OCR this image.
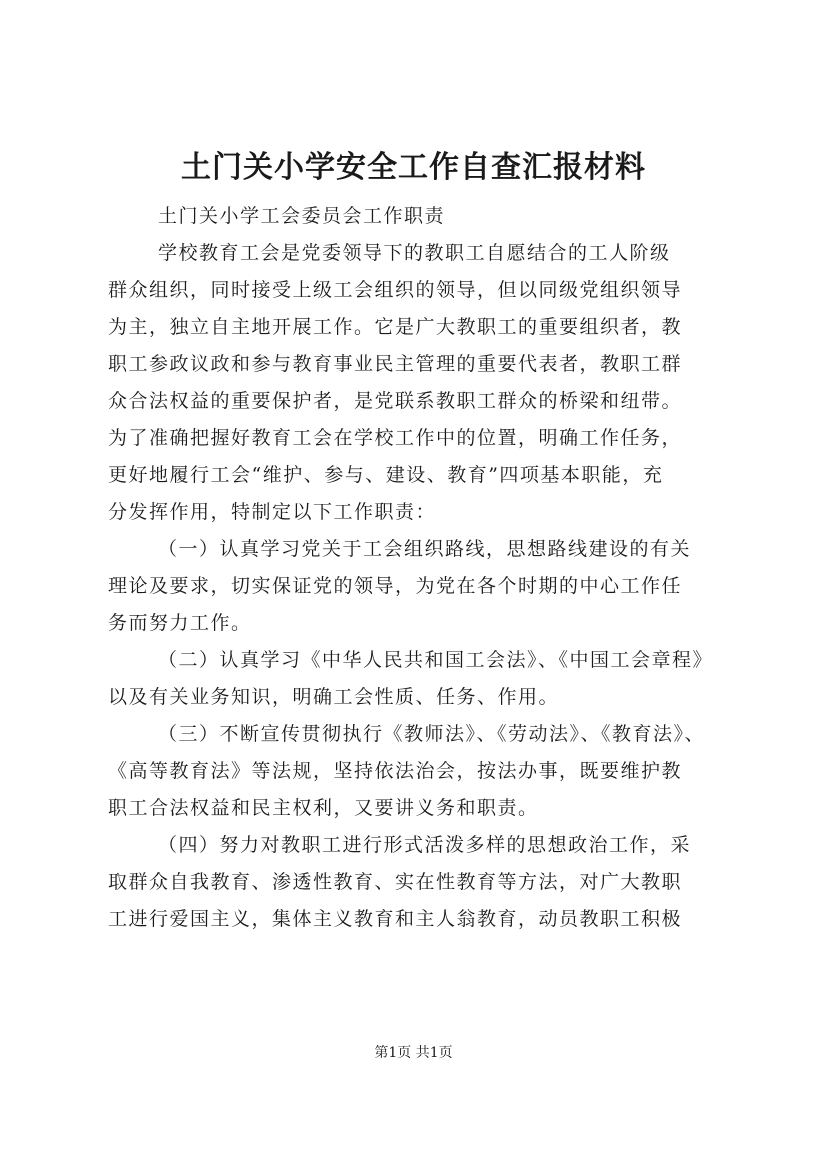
土门关小学安全工作自查汇报材料
土门关小学工会委员会工作职责
学校教育工会是党委领导下的教职工自愿结合的工人阶级
群众组织，同时接受上级工会组织的领导，但以同级党组织领导
为主，独立自主地开展工作。它是广大教职工的重要组织者，教
职工参政议政和参与教育事业民主管理的重要代表者，教职工群
众合法权益的重要保护者，是党联系教职工群众的桥梁和纽带。
为了准确把握好教育工会在学校工作中的位置，明确工作任务，
更好地履行工会“维护、参与、建设、教育”四项基本职能，充
分发挥作用，特制定以下工作职责：
（一）认真学习党关于工会组织路线，思想路线建设的有关
理论及要求，切实保证党的领导，为党在各个时期的中心工作任
务而努力工作。
（二）认真学习《中华人民共和国工会法》、《中国工会章程》
以及有关业务知识，明确工会性质、任务、作用。
（三）不断宣传贯彻执行《教师法》、《劳动法》、《教育法》、
《高等教育法》等法规，坚持依法治会，按法办事，既要维护教
职工合法权益和民主权利，又要讲义务和职责。
（四）努力对教职工进行形式活泼多样的思想政治工作，采
取群众自我教育、渗透性教育、实在性教育等方法，对广大教职
工进行爱国主义，集体主义教育和主人翁教育，动员教职工积极
第1页 共1页
